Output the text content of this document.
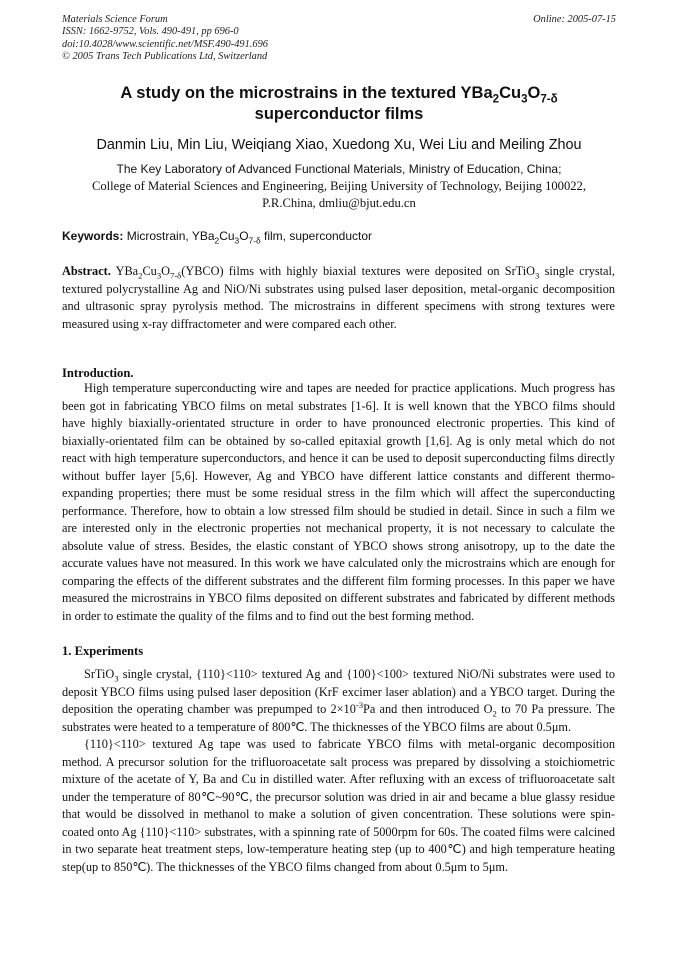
Materials Science Forum
ISSN: 1662-9752, Vols. 490-491, pp 696-0
doi:10.4028/www.scientific.net/MSF.490-491.696
© 2005 Trans Tech Publications Ltd, Switzerland
Online: 2005-07-15
A study on the microstrains in the textured $YBa_2Cu_3O_{7-\delta}$
superconductor films
Danmin Liu, Min Liu, Weiqiang Xiao, Xuedong Xu, Wei Liu and Meiling Zhou
The Key Laboratory of Advanced Functional Materials, Ministry of Education, China;
College of Material Sciences and Engineering, Beijing University of Technology, Beijing 100022,
P.R.China, dmliu@bjut.edu.cn
Keywords: Microstrain, $YBa_2Cu_3O_{7-\delta}$ film, superconductor

Abstract. $YBa_2Cu_3O_{7-\delta}(YBCO)$ films with highly biaxial textures were deposited on SrTiO$_3$ single crystal, textured polycrystalline Ag and NiO/Ni substrates using pulsed laser deposition, metal-organic decomposition and ultrasonic spray pyrolysis method. The microstrains in different specimens with strong textures were measured using x-ray diffractometer and were compared each other.

Introduction.

High temperature superconducting wire and tapes are needed for practice applications. Much progress has been got in fabricating YBCO films on metal substrates [1-6]. It is well known that the YBCO films should have highly biaxially-orientated structure in order to have pronounced electronic properties. This kind of biaxially-orientated film can be obtained by so-called epitaxial growth [1,6]. Ag is only metal which do not react with high temperature superconductors, and hence it can be used to deposit superconducting films directly without buffer layer [5,6]. However, Ag and YBCO have different lattice constants and different thermo-expanding properties; there must be some residual stress in the film which will affect the superconducting performance. Therefore, how to obtain a low stressed film should be studied in detail. Since in such a film we are interested only in the electronic properties not mechanical property, it is not necessary to calculate the absolute value of stress. Besides, the elastic constant of YBCO shows strong anisotropy, up to the date the accurate values have not measured. In this work we have calculated only the microstrains which are enough for comparing the effects of the different substrates and the different film forming processes. In this paper we have measured the microstrains in YBCO films deposited on different substrates and fabricated by different methods in order to estimate the quality of the films and to find out the best forming method.

1. Experiments

SrTiO$_3$ single crystal, {110}<110> textured Ag and {100}<100> textured NiO/Ni substrates were used to deposit YBCO films using pulsed laser deposition (KrF excimer laser ablation) and a YBCO target. During the deposition the operating chamber was prepumped to $2\times 10^{-3}Pa$ and then introduced $O_2$ to 70 Pa pressure. The substrates were heated to a temperature of 800℃. The thicknesses of the YBCO films are about 0.5μm.

{110}<110> textured Ag tape was used to fabricate YBCO films with metal-organic decomposition method. A precursor solution for the trifluoroacetate salt process was prepared by dissolving a stoichiometric mixture of the acetate of Y, Ba and Cu in distilled water. After refluxing with an excess of trifluoroacetate salt under the temperature of 80℃~90℃, the precursor solution was dried in air and became a blue glassy residue that would be dissolved in methanol to make a solution of given concentration. These solutions were spin-coated onto Ag {110}<110> substrates, with a spinning rate of 5000rpm for 60s. The coated films were calcined in two separate heat treatment steps, low-temperature heating step (up to 400℃) and high temperature heating step(up to 850℃). The thicknesses of the YBCO films changed from about 0.5μm to 5μm.
